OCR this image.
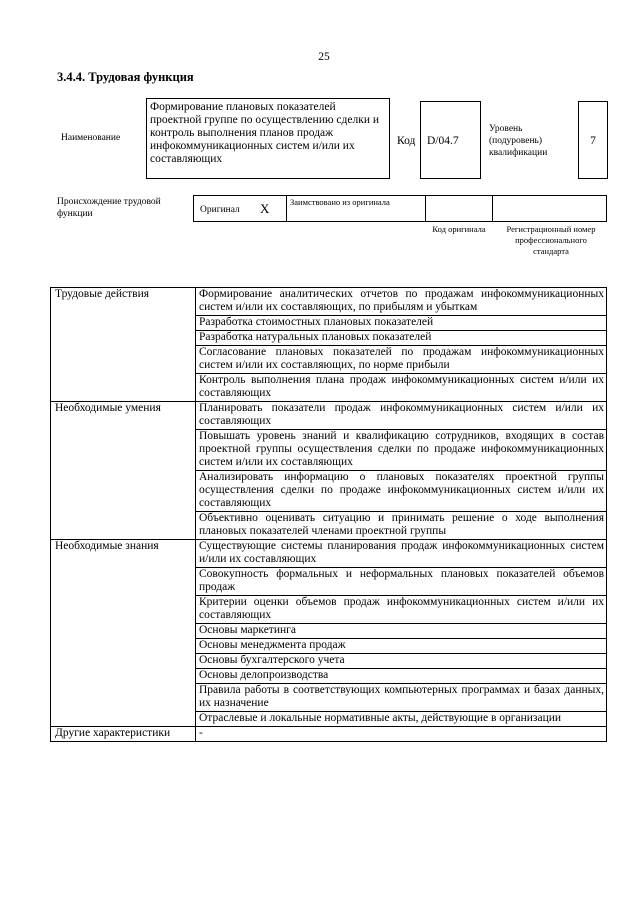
25
3.4.4. Трудовая функция
Наименование
Формирование плановых показателей проектной группе по осуществлению сделки и контроль выполнения планов продаж инфокоммуникационных систем и/или их составляющих
Код	D/04.7
Уровень (подуровень) квалификации
7
Происхождение трудовой функции	Оригинал X	Заимствовано из оригинала
Код оригинала	Регистрационный номер профессионального стандарта
Трудовые действия	Формирование аналитических отчетов по продажам инфокоммуникационных систем и/или их составляющих, по прибылям и убыткам
	Разработка стоимостных плановых показателей
	Разработка натуральных плановых показателей
	Согласование плановых показателей по продажам инфокоммуникационных систем и/или их составляющих, по норме прибыли
	Контроль выполнения плана продаж инфокоммуникационных систем и/или их составляющих
Необходимые умения	Планировать показатели продаж инфокоммуникационных систем и/или их составляющих
	Повышать уровень знаний и квалификацию сотрудников, входящих в состав проектной группы осуществления сделки по продаже инфокоммуникационных систем и/или их составляющих
	Анализировать информацию о плановых показателях проектной группы осуществления сделки по продаже инфокоммуникационных систем и/или их составляющих
	Объективно оценивать ситуацию и принимать решение о ходе выполнения плановых показателей членами проектной группы
Необходимые знания	Существующие системы планирования продаж инфокоммуникационных систем и/или их составляющих
	Совокупность формальных и неформальных плановых показателей объемов продаж
	Критерии оценки объемов продаж инфокоммуникационных систем и/или их составляющих
	Основы маркетинга
	Основы менеджмента продаж
	Основы бухгалтерского учета
	Основы делопроизводства
	Правила работы в соответствующих компьютерных программах и базах данных, их назначение
	Отраслевые и локальные нормативные акты, действующие в организации
Другие характеристики	-
